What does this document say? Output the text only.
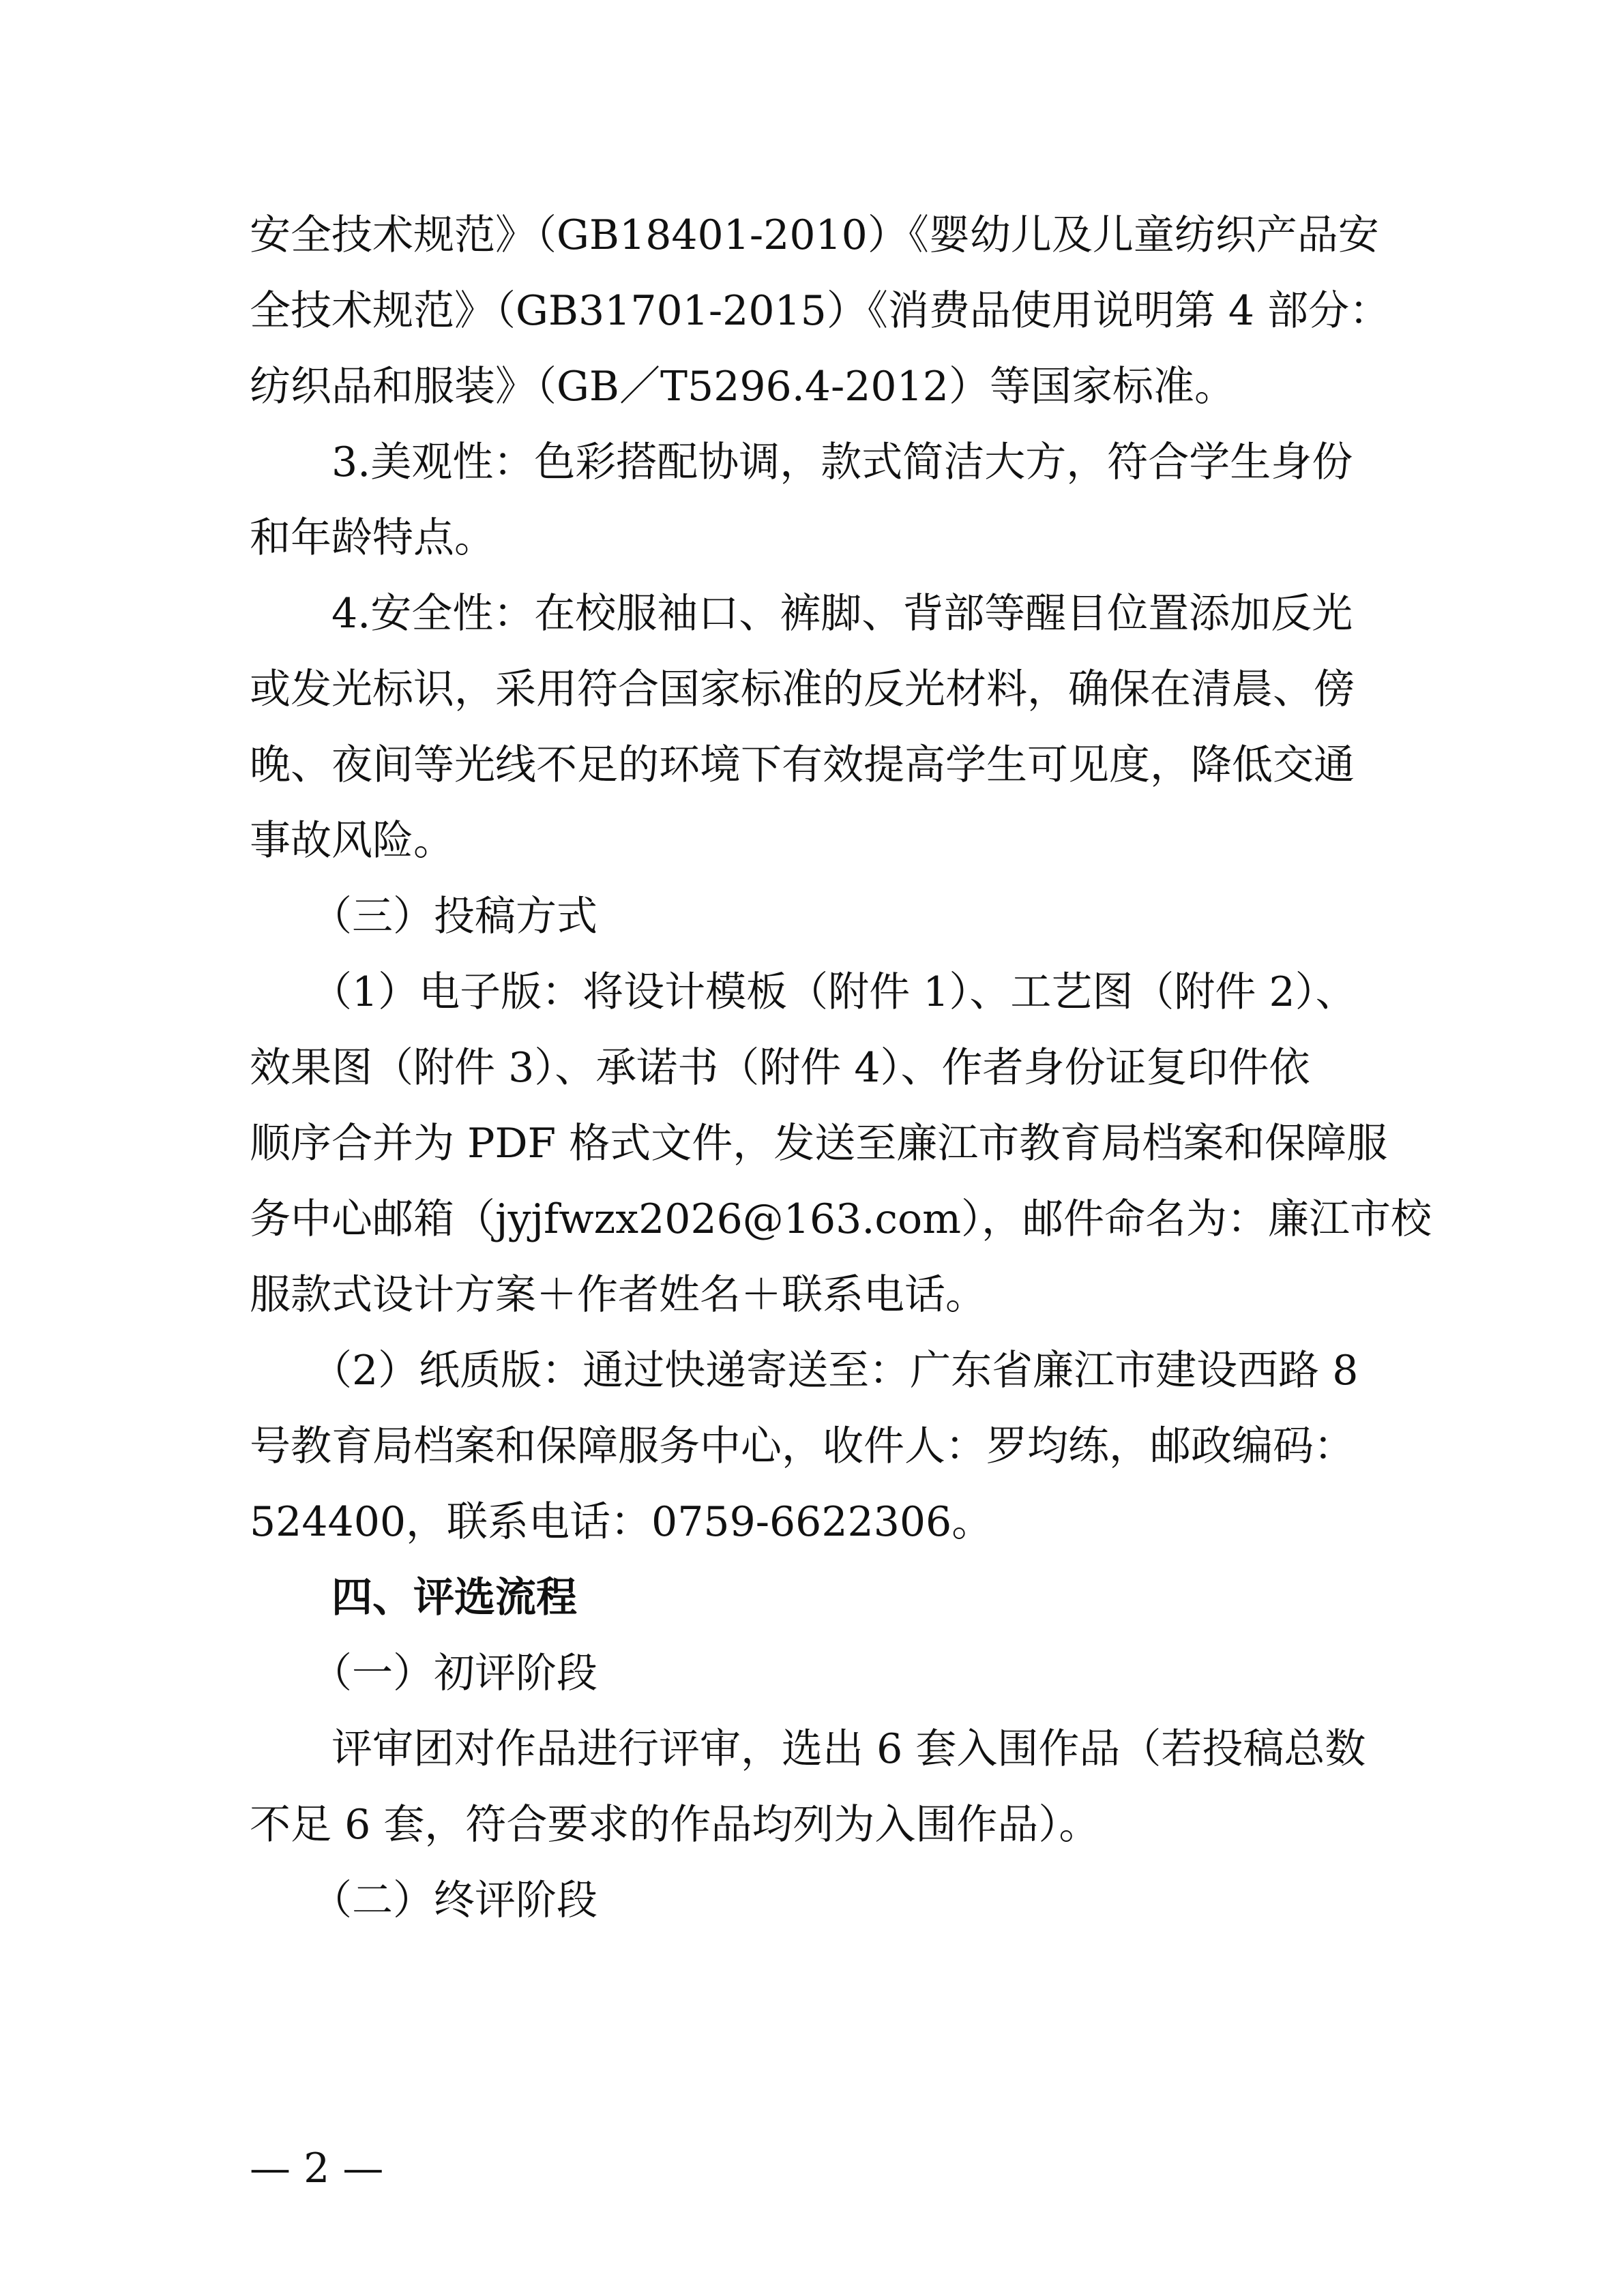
安全技术规范》（GB18401-2010）《婴幼儿及儿童纺织产品安
全技术规范》（GB31701-2015）《消费品使用说明第 4 部分：
纺织品和服装》（GB／T5296.4-2012）等国家标准。

3.美观性：色彩搭配协调，款式简洁大方，符合学生身份
和年龄特点。

4.安全性：在校服袖口、裤脚、背部等醒目位置添加反光
或发光标识，采用符合国家标准的反光材料，确保在清晨、傍
晚、夜间等光线不足的环境下有效提高学生可见度，降低交通
事故风险。

（三）投稿方式

（1）电子版：将设计模板（附件 1）、工艺图（附件 2）、
效果图（附件 3）、承诺书（附件 4）、作者身份证复印件依
顺序合并为 PDF 格式文件，发送至廉江市教育局档案和保障服
务中心邮箱（jyjfwzx2026@163.com），邮件命名为：廉江市校
服款式设计方案＋作者姓名＋联系电话。

（2）纸质版：通过快递寄送至：广东省廉江市建设西路 8
号教育局档案和保障服务中心，收件人：罗均练，邮政编码：
524400，联系电话：0759-6622306。

四、评选流程

（一）初评阶段

评审团对作品进行评审，选出 6 套入围作品（若投稿总数
不足 6 套，符合要求的作品均列为入围作品）。

（二）终评阶段

— 2 —
